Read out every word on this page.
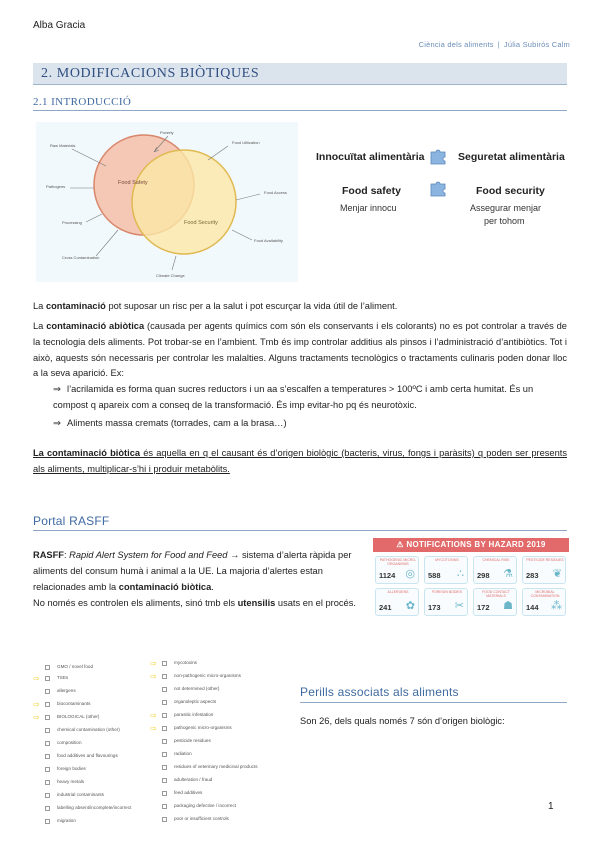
Alba Gracia
Ciència dels aliments | Júlia Subirós Calm
2. MODIFICACIONS BIÒTIQUES
2.1 INTRODUCCIÓ
Food Safety
Food Security
Poverty
Raw Materials
Food Utilization
Pathogens
Food Access
Processing
Food Availability
Cross Contamination
Climate Change
Innocuïtat alimentària	Seguretat alimentària
Food safety	Food security
Menjar innocu	Assegurar menjar
per tohom
La contaminació pot suposar un risc per a la salut i pot escurçar la vida útil de l’aliment.
La contaminació abiòtica (causada per agents químics com són els conservants i els colorants) no es pot controlar a través de la tecnologia dels aliments. Pot trobar-se en l’ambient. Tmb és imp controlar additius als pinsos i l’administració d’antibiòtics. Tot i això, aquests són necessaris per controlar les malalties. Alguns tractaments tecnològics o tractaments culinaris poden donar lloc a la seva aparició. Ex:
⇒ l’acrilamida es forma quan sucres reductors i un aa s’escalfen a temperatures > 100ºC i amb certa humitat. És un compost q apareix com a conseq de la transformació. És imp evitar-ho pq és neurotòxic.
⇒ Aliments massa cremats (torrades, cam a la brasa…)
La contaminació biòtica és aquella en q el causant és d’origen biològic (bacteris, virus, fongs i paràsits) q poden ser presents als aliments, multiplicar-s’hi i produir metabòlits.
Portal RASFF
RASFF: Rapid Alert System for Food and Feed → sistema d’alerta ràpida per aliments del consum humà i animal a la UE. La majoria d’alertes estan relacionades amb la contaminació biòtica.
No només es controlen els aliments, sinó tmb els utensilis usats en el procés.
⚠ NOTIFICATIONS BY HAZARD 2019
PATHOGENIC MICRO-ORGANISMS
1124 ◎
MYCOTOXINS
588 ∴
CHEMICAL RISK
298 ⚗
PESTICIDE RESIDUES
283 ❦
ALLERGENS
241 ✿
FOREIGN BODIES
173 ✂
FOOD CONTACT MATERIALS
172 ☗
MICROBIAL CONTAMINATION
144 ⁂
GMO / novel food
⇨	TSEs
allergens
⇨	biocontaminants
⇨	BIOLOGICAL (other)
chemical contamination (other)
composition
food additives and flavourings
foreign bodies
heavy metals
industrial contaminants
labelling absent/incomplete/incorrect
migration
⇨	mycotoxins
⇨	non-pathogenic micro-organisms
not determined (other)
organoleptic aspects
⇨	parasitic infestation
⇨	pathogenic micro-organisms
pesticide residues
radiation
residues of veterinary medicinal products
adulteration / fraud
feed additives
packaging defective / incorrect
poor or insufficient controls
Perills associats als aliments
Son 26, dels quals només 7 són d’origen biològic:
1
